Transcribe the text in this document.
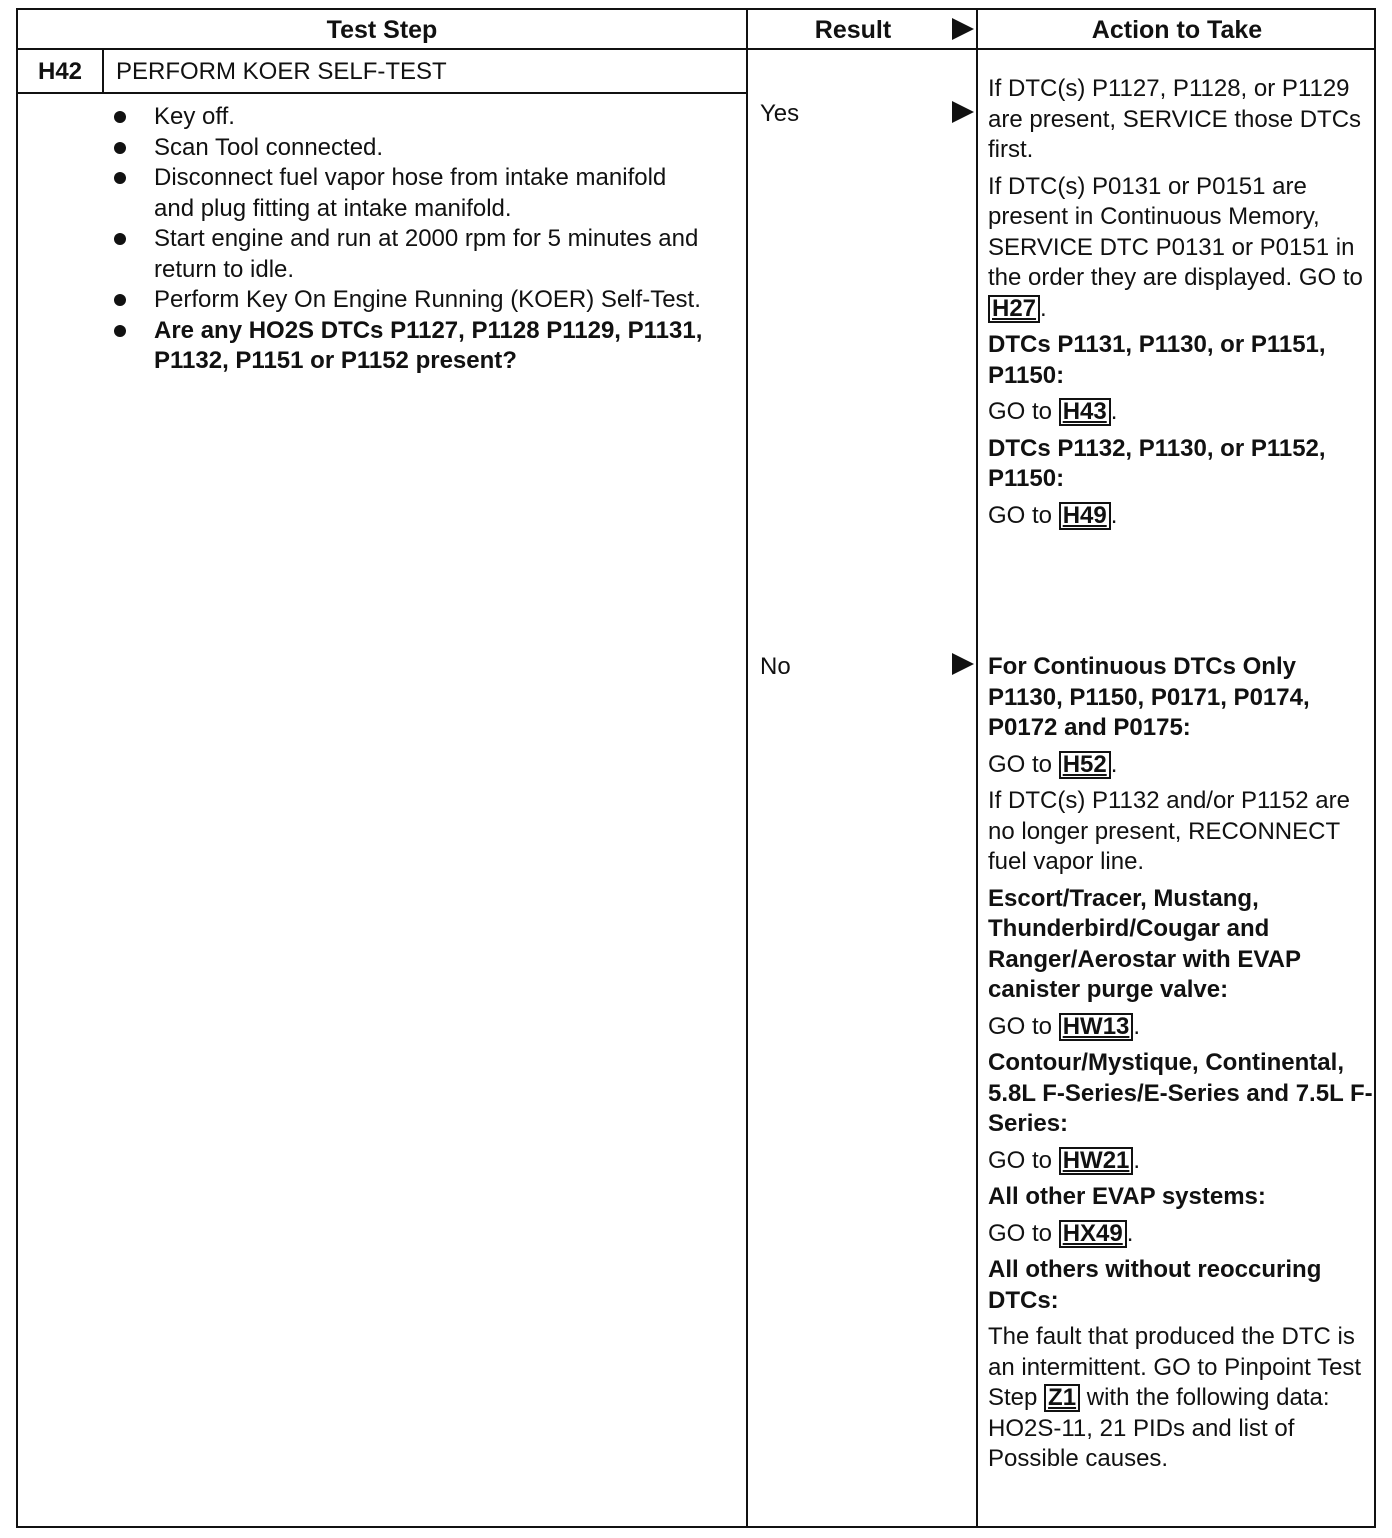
Test Step	Result	Action to Take
H42	PERFORM KOER SELF-TEST
Key off.
Scan Tool connected.
Disconnect fuel vapor hose from intake manifold and plug fitting at intake manifold.
Start engine and run at 2000 rpm for 5 minutes and return to idle.
Perform Key On Engine Running (KOER) Self-Test.
Are any HO2S DTCs P1127, P1128 P1129, P1131, P1132, P1151 or P1152 present?
Yes

If DTC(s) P1127, P1128, or P1129 are present, SERVICE those DTCs first.

If DTC(s) P0131 or P0151 are present in Continuous Memory, SERVICE DTC P0131 or P0151 in the order they are displayed. GO to H27 .

DTCs P1131, P1130, or P1151, P1150:

GO to H43 .

DTCs P1132, P1130, or P1152, P1150:

GO to H49 .

No	For Continuous DTCs Only P1130, P1150, P0171, P0174, P0172 and P0175:

GO to H52 .

If DTC(s) P1132 and/or P1152 are no longer present, RECONNECT fuel vapor line.

Escort/Tracer, Mustang, Thunderbird/Cougar and Ranger/Aerostar with EVAP canister purge valve:

GO to HW13 .

Contour/Mystique, Continental, 5.8L F-Series/E-Series and 7.5L F-Series:

GO to HW21 .

All other EVAP systems:

GO to HX49 .

All others without reoccuring DTCs:

The fault that produced the DTC is an intermittent. GO to Pinpoint Test Step Z1 with the following data: HO2S-11, 21 PIDs and list of Possible causes.
